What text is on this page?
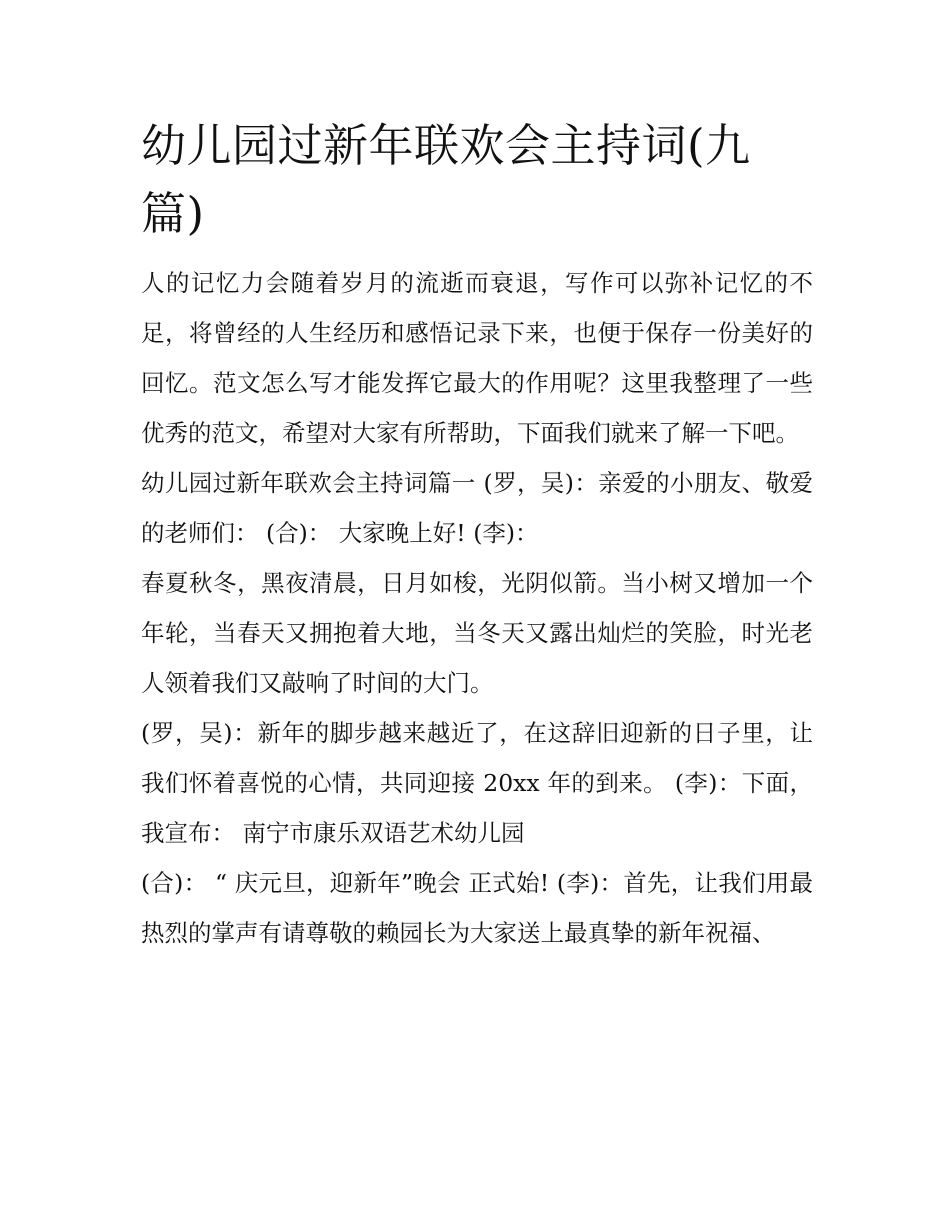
幼儿园过新年联欢会主持词(九篇)

人的记忆力会随着岁月的流逝而衰退，写作可以弥补记忆的不足，将曾经的人生经历和感悟记录下来，也便于保存一份美好的回忆。范文怎么写才能发挥它最大的作用呢？这里我整理了一些优秀的范文，希望对大家有所帮助，下面我们就来了解一下吧。

幼儿园过新年联欢会主持词篇一 (罗，吴)：亲爱的小朋友、敬爱的老师们： (合)： 大家晚上好! (李)：

春夏秋冬，黑夜清晨，日月如梭，光阴似箭。当小树又增加一个年轮，当春天又拥抱着大地，当冬天又露出灿烂的笑脸，时光老人领着我们又敲响了时间的大门。

(罗，吴)：新年的脚步越来越近了，在这辞旧迎新的日子里，让我们怀着喜悦的心情，共同迎接 20xx 年的到来。 (李)：下面，我宣布： 南宁市康乐双语艺术幼儿园

(合)： “ 庆元旦，迎新年”晚会 正式始! (李)：首先，让我们用最热烈的掌声有请尊敬的赖园长为大家送上最真挚的新年祝福、
